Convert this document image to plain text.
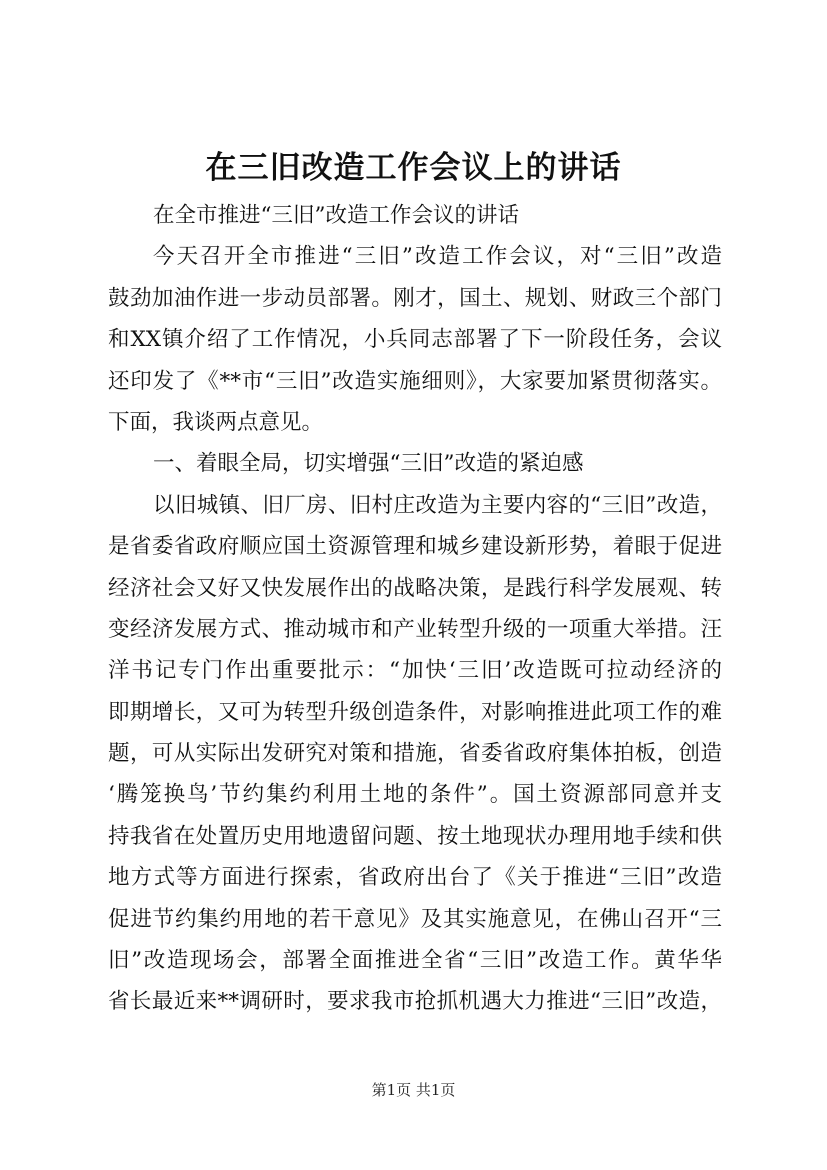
在三旧改造工作会议上的讲话
在全市推进“三旧”改造工作会议的讲话
今天召开全市推进“三旧”改造工作会议，对“三旧”改造
鼓劲加油作进一步动员部署。刚才，国土、规划、财政三个部门
和XX镇介绍了工作情况，小兵同志部署了下一阶段任务，会议
还印发了《**市“三旧”改造实施细则》，大家要加紧贯彻落实。
下面，我谈两点意见。
一、着眼全局，切实增强“三旧”改造的紧迫感
以旧城镇、旧厂房、旧村庄改造为主要内容的“三旧”改造，
是省委省政府顺应国土资源管理和城乡建设新形势，着眼于促进
经济社会又好又快发展作出的战略决策，是践行科学发展观、转
变经济发展方式、推动城市和产业转型升级的一项重大举措。汪
洋书记专门作出重要批示：“加快‘三旧’改造既可拉动经济的
即期增长，又可为转型升级创造条件，对影响推进此项工作的难
题，可从实际出发研究对策和措施，省委省政府集体拍板，创造
‘腾笼换鸟’节约集约利用土地的条件”。国土资源部同意并支
持我省在处置历史用地遗留问题、按土地现状办理用地手续和供
地方式等方面进行探索，省政府出台了《关于推进“三旧”改造
促进节约集约用地的若干意见》及其实施意见，在佛山召开“三
旧”改造现场会，部署全面推进全省“三旧”改造工作。黄华华
省长最近来**调研时，要求我市抢抓机遇大力推进“三旧”改造，
第1页 共1页
